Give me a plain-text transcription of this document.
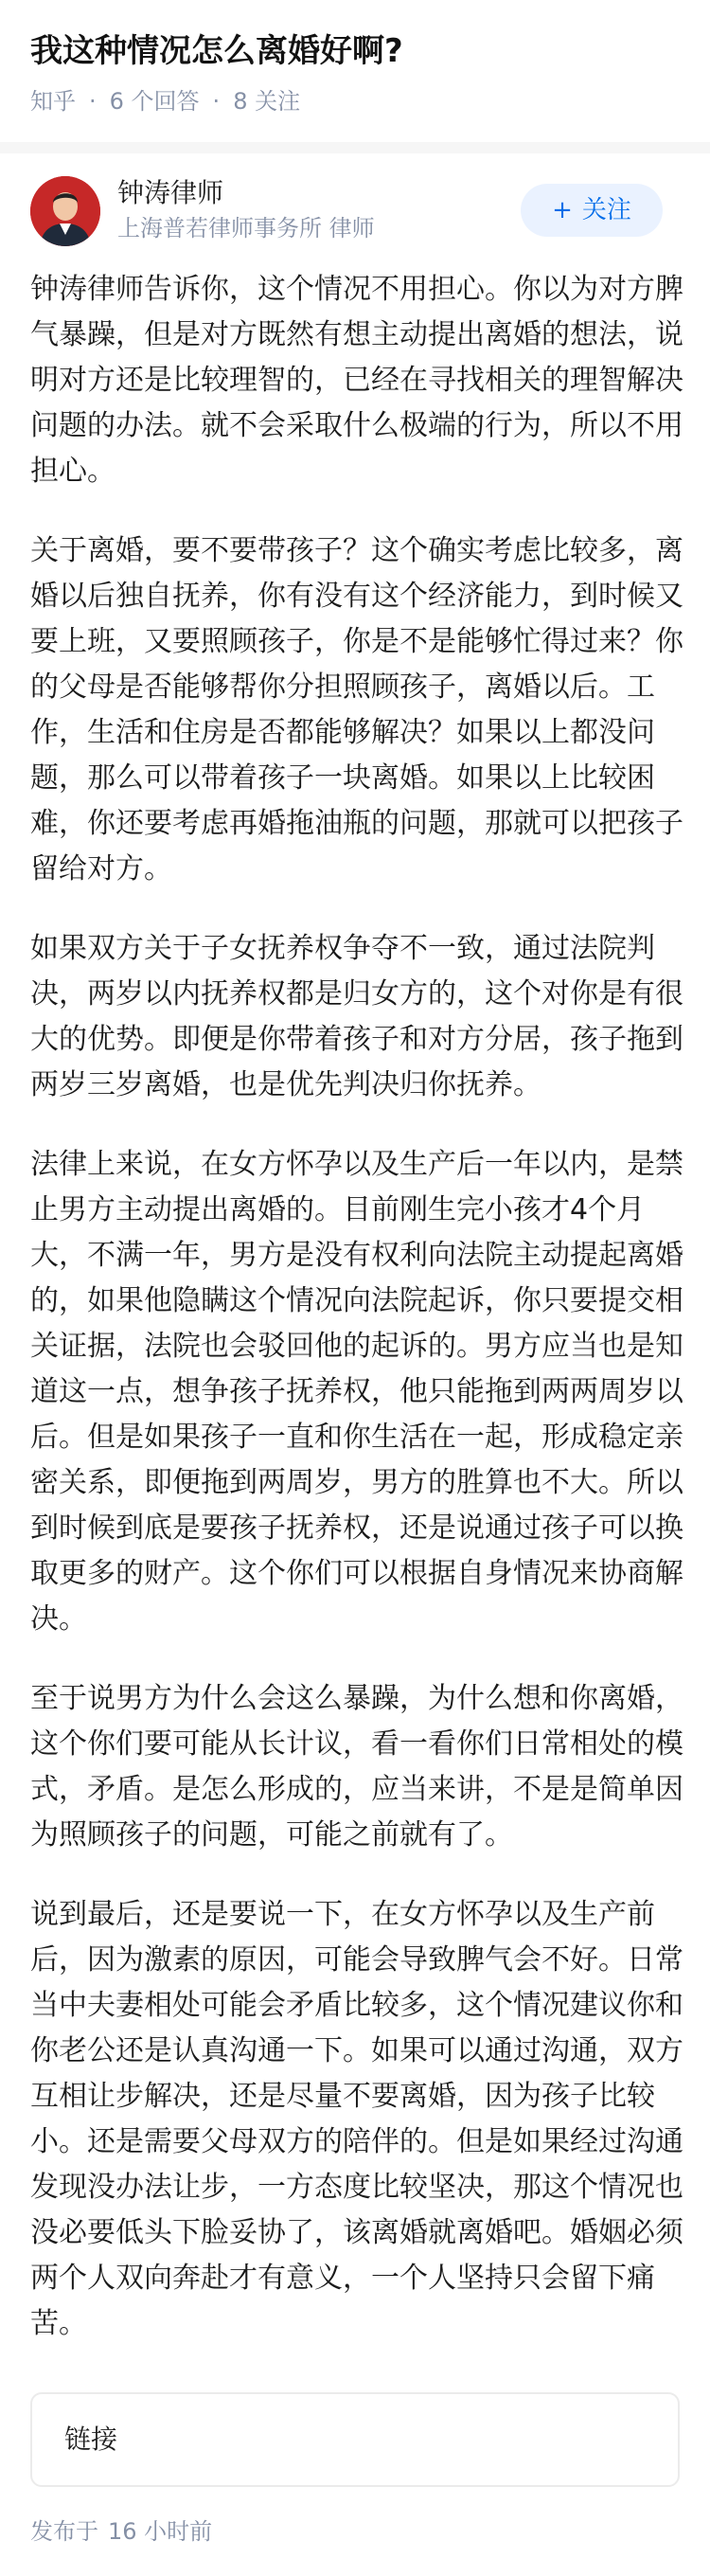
我这种情况怎么离婚好啊?
知乎 · 6 个回答 · 8 关注
钟涛律师
上海普若律师事务所 律师
+ 关注

钟涛律师告诉你，这个情况不用担心。你以为对方脾气暴躁，但是对方既然有想主动提出离婚的想法，说明对方还是比较理智的，已经在寻找相关的理智解决问题的办法。就不会采取什么极端的行为，所以不用担心。

关于离婚，要不要带孩子？这个确实考虑比较多，离婚以后独自抚养，你有没有这个经济能力，到时候又要上班，又要照顾孩子，你是不是能够忙得过来？你的父母是否能够帮你分担照顾孩子，离婚以后。工作，生活和住房是否都能够解决？如果以上都没问题，那么可以带着孩子一块离婚。如果以上比较困难，你还要考虑再婚拖油瓶的问题，那就可以把孩子留给对方。

如果双方关于子女抚养权争夺不一致，通过法院判决，两岁以内抚养权都是归女方的，这个对你是有很大的优势。即便是你带着孩子和对方分居，孩子拖到两岁三岁离婚，也是优先判决归你抚养。

法律上来说，在女方怀孕以及生产后一年以内，是禁止男方主动提出离婚的。目前刚生完小孩才4个月大，不满一年，男方是没有权利向法院主动提起离婚的，如果他隐瞒这个情况向法院起诉，你只要提交相关证据，法院也会驳回他的起诉的。男方应当也是知道这一点，想争孩子抚养权，他只能拖到两两周岁以后。但是如果孩子一直和你生活在一起，形成稳定亲密关系，即便拖到两周岁，男方的胜算也不大。所以到时候到底是要孩子抚养权，还是说通过孩子可以换取更多的财产。这个你们可以根据自身情况来协商解决。

至于说男方为什么会这么暴躁，为什么想和你离婚，这个你们要可能从长计议，看一看你们日常相处的模式，矛盾。是怎么形成的，应当来讲，不是是简单因为照顾孩子的问题，可能之前就有了。

说到最后，还是要说一下，在女方怀孕以及生产前后，因为激素的原因，可能会导致脾气会不好。日常当中夫妻相处可能会矛盾比较多，这个情况建议你和你老公还是认真沟通一下。如果可以通过沟通，双方互相让步解决，还是尽量不要离婚，因为孩子比较小。还是需要父母双方的陪伴的。但是如果经过沟通发现没办法让步，一方态度比较坚决，那这个情况也没必要低头下脸妥协了，该离婚就离婚吧。婚姻必须两个人双向奔赴才有意义，一个人坚持只会留下痛苦。

链接
发布于 16 小时前
